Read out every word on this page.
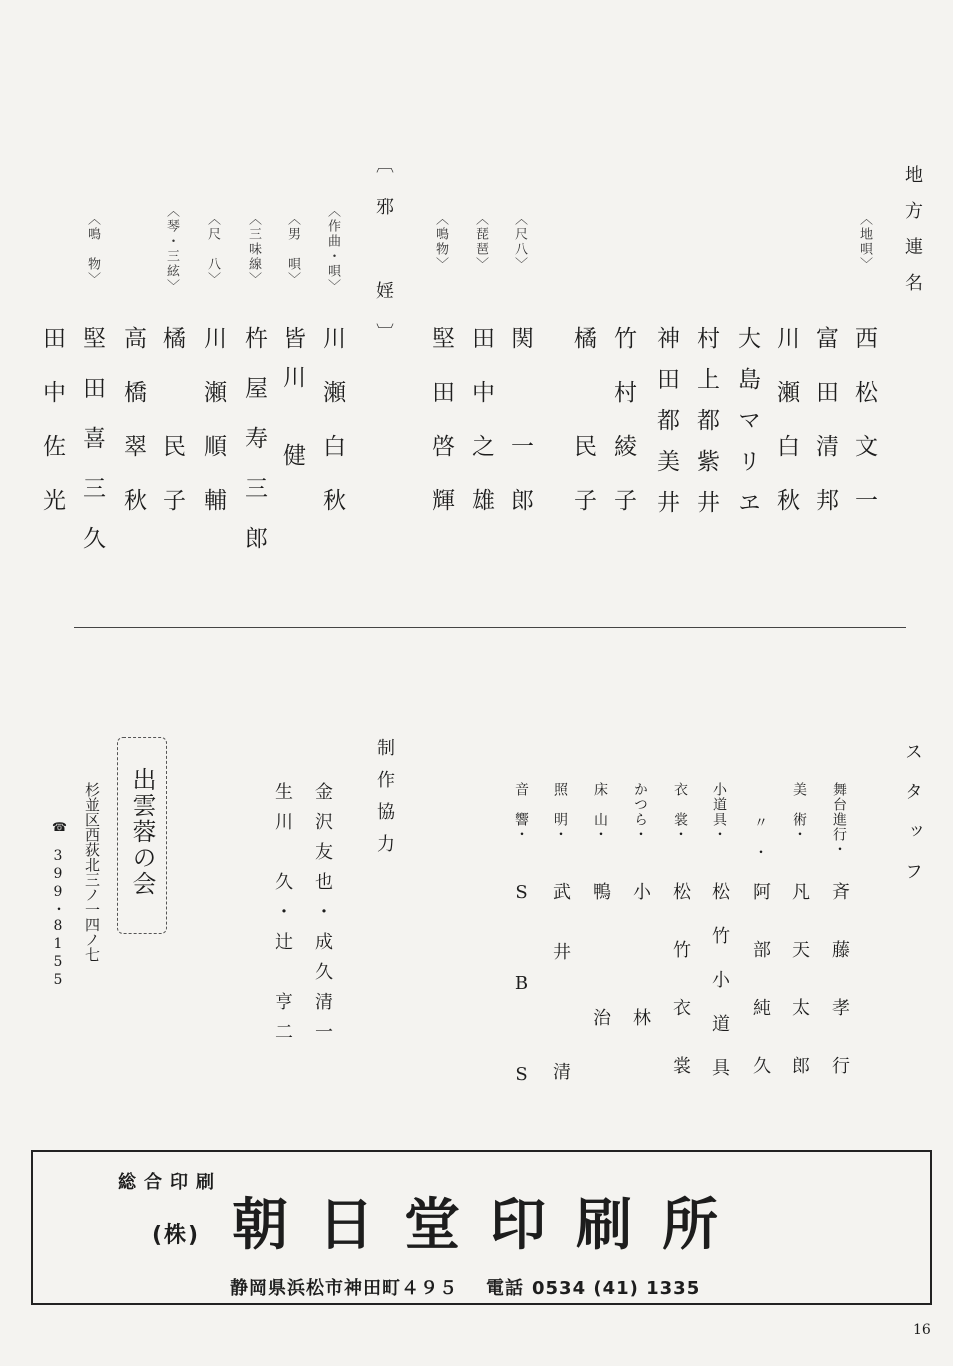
地方連名
〈地唄〉
西松文一
富田清邦
川瀬白秋
大島マリヱ
村上都紫井
神田都美井
竹村綾子
橘　民子
〈尺八〉
関　一郎
〈琵琶〉
田中之雄
〈鳴物〉
堅田啓輝
〔邪　婬〕
〈作曲・唄〉
川瀬白秋
〈男　唄〉
皆川　健
〈三味線〉
杵屋寿三郎
〈尺　八〉
川瀬順輔
〈琴・三絃〉
橘　民子
高橋翠秋
〈鳴　物〉
堅田喜三久
田中佐光
スタッフ
舞台進行・
斉藤孝行
美　術・
凡天太郎
〃　・
阿部純久
小道具・
松竹小道具
衣　裳・
松竹衣裳
かつら・
小　　林
床　山・
鴨　　治
照　明・
武井　清
音　響・
SBS
制作協力
金沢友也・成久清一
生川　久・辻　亨二
出雲蓉の会
杉並区西荻北三ノ一四ノ七
☎
399・8155
総合印刷
(株) 朝日堂印刷所
静岡県浜松市神田町４９５ 電話 0534 (41) 1335
16
